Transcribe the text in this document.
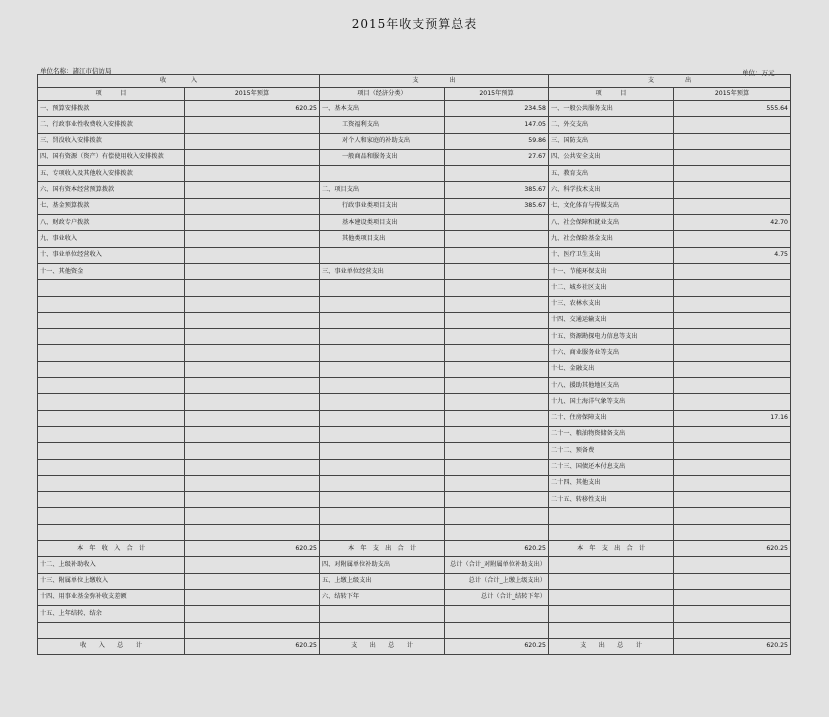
2015年收支预算总表
单位名称：諸江市信访局	单位：万元
收　　　　入		支　　　　　出		支　　　　　出	
项　　　目	2015年预算	项目（经济分类）	2015年预算	项　　　目	2015年预算
一、预算安排拨款	620.25	一、基本支出	234.58	一、一般公共服务支出	555.64
二、行政事业性收费收入安排拨款		工资福利支出	147.05	二、外交支出	
三、罚没收入安排拨款		对个人和家庭的补助支出	59.86	三、国防支出	
四、国有资源（资产）有偿使用收入安排拨款		一般商品和服务支出	27.67	四、公共安全支出	
五、专项收入及其他收入安排拨款				五、教育支出	
六、国有资本经营预算拨款		二、项目支出	385.67	六、科学技术支出	
七、基金预算拨款		行政事业类项目支出	385.67	七、文化体育与传媒支出	
八、财政专户拨款		基本建设类项目支出		八、社会保障和就业支出	42.70
九、事业收入		其他类项目支出		九、社会保险基金支出	
十、事业单位经营收入				十、医疗卫生支出	4.75
十一、其他资金		三、事业单位经营支出		十一、节能环保支出	
				十二、城乡社区支出	
				十三、农林水支出	
				十四、交通运输支出	
				十五、资源勘探电力信息等支出	
				十六、商业服务业等支出	
				十七、金融支出	
				十八、援助其他地区支出	
				十九、国土海洋气象等支出	
				二十、住房保障支出	17.16
				二十一、粮油物资储备支出	
				二十二、预备费	
				二十三、国债还本付息支出	
				二十四、其他支出	
				二十五、转移性支出	

本　年　收　入　合　计	620.25	本　年　支　出　合　计	620.25	本　年　支　出　合　计	620.25
十二、上级补助收入		四、对附属单位补助支出	总计（合计_对附属单位补助支出）		
十三、附属单位上缴收入		五、上缴上级支出	总计（合计_上缴上级支出）		
十四、用事业基金弥补收支差额		六、结转下年	总计（合计_结转下年）		
十五、上年结转、结余					

收　　入　　总　　计	620.25	支　　出　　总　　计	620.25	支　　出　　总　　计	620.25
